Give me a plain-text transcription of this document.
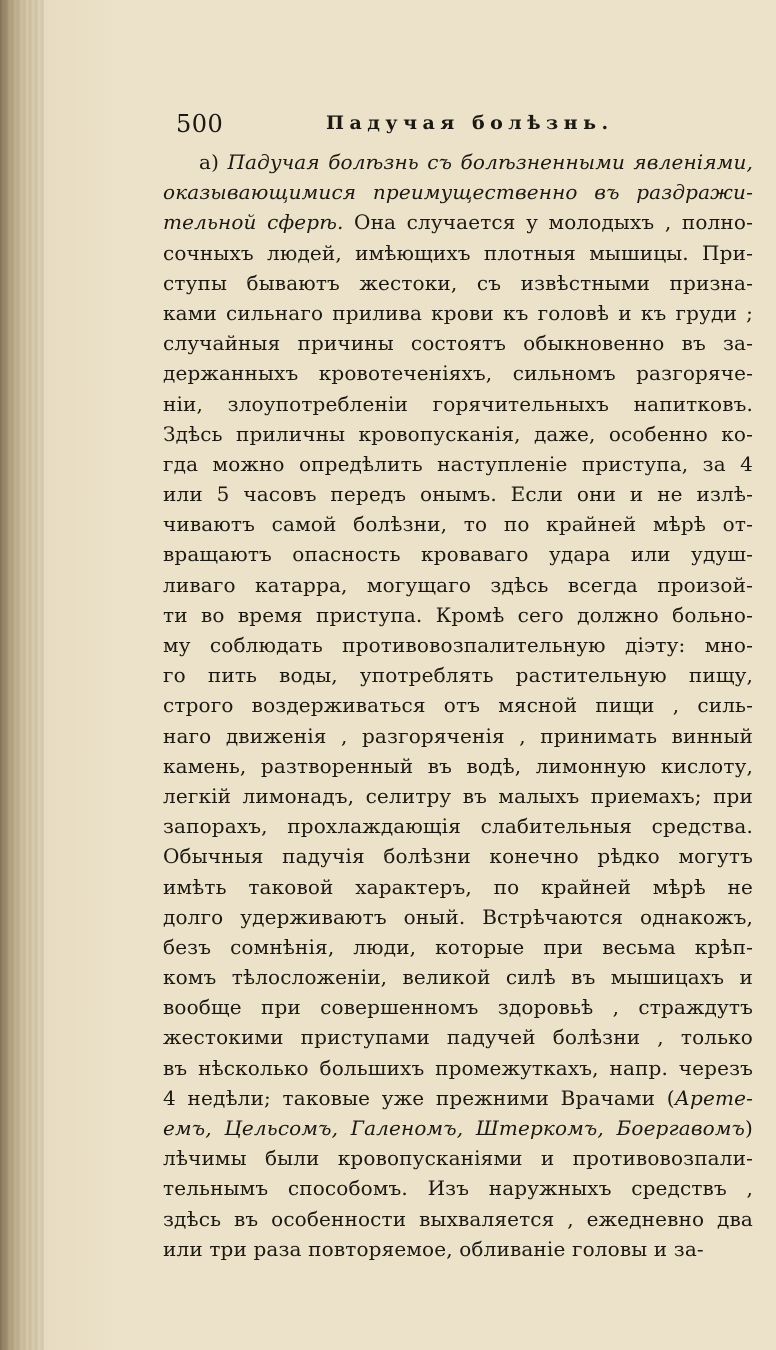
500	Падучая болѣзнь.
а) Падучая болѣзнь съ болѣзненными явленіями,
оказывающимися преимущественно въ раздражи-
тельной сферѣ. Она случается у молодыхъ , полно-
сочныхъ людей, имѣющихъ плотныя мышицы. При-
ступы бываютъ жестоки, съ извѣстными призна-
ками сильнаго прилива крови къ головѣ и къ груди ;
случайныя причины состоятъ обыкновенно въ за-
держанныхъ кровотеченіяхъ, сильномъ разгоряче-
ніи, злоупотребленіи горячительныхъ напитковъ.
Здѣсь приличны кровопусканія, даже, особенно ко-
гда можно опредѣлить наступленіе приступа, за 4
или 5 часовъ передъ онымъ. Если они и не излѣ-
чиваютъ самой болѣзни, то по крайней мѣрѣ от-
вращаютъ опасность кроваваго удара или удуш-
ливаго катарра, могущаго здѣсь всегда произой-
ти во время приступа. Кромѣ сего должно больно-
му соблюдать противовозпалительную діэту: мно-
го пить воды, употреблять растительную пищу,
строго воздерживаться отъ мясной пищи , силь-
наго движенія , разгоряченія , принимать винный
камень, разтворенный въ водѣ, лимонную кислоту,
легкій лимонадъ, селитру въ малыхъ приемахъ; при
запорахъ, прохлаждающія слабительныя средства.
Обычныя падучія болѣзни конечно рѣдко могутъ
имѣть таковой характеръ, по крайней мѣрѣ не
долго удерживаютъ оный. Встрѣчаются однакожъ,
безъ сомнѣнія, люди, которые при весьма крѣп-
комъ тѣлосложеніи, великой силѣ въ мышицахъ и
вообще при совершенномъ здоровьѣ , страждутъ
жестокими приступами падучей болѣзни , только
въ нѣсколько большихъ промежуткахъ, напр. черезъ
4 недѣли; таковые уже прежними Врачами (Арете-
емъ, Цельсомъ, Галеномъ, Штеркомъ, Боергавомъ)
лѣчимы были кровопусканіями и противовозпали-
тельнымъ способомъ. Изъ наружныхъ средствъ ,
здѣсь въ особенности выхваляется , ежедневно два
или три раза повторяемое, обливаніе головы и за-
